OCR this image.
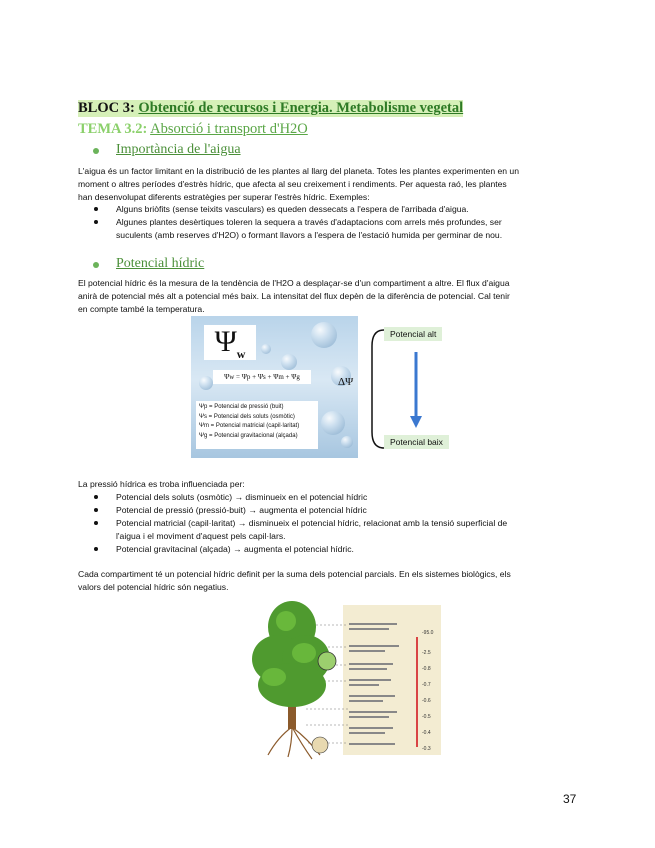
BLOC 3: Obtenció de recursos i Energia. Metabolisme vegetal
TEMA 3.2: Absorció i transport d'H2O
Importància de l'aigua
L'aigua és un factor limitant en la distribució de les plantes al llarg del planeta. Totes les plantes experimenten en un
moment o altres períodes d'estrès hídric, que afecta al seu creixement i rendiments. Per aquesta raó, les plantes
han desenvolupat diferents estratègies per superar l'estrès hídric. Exemples:
Alguns briòfits (sense teixits vasculars) es queden dessecats a l'espera de l'arribada d'aigua.
Algunes plantes desèrtiques toleren la sequera a través d'adaptacions com arrels més profundes, ser
suculents (amb reserves d'H2O) o formant llavors a l'espera de l'estació humida per germinar de nou.
Potencial hídric
El potencial hídric és la mesura de la tendència de l'H2O a desplaçar-se d'un compartiment a altre. El flux d'aigua
anirà de potencial més alt a potencial més baix. La intensitat del flux depèn de la diferència de potencial. Cal tenir
en compte també la temperatura.
$\Psi_w$
Ψw = Ψp + Ψs + Ψm + Ψg
Ψp = Potencial de pressió (buit)
Ψs = Potencial dels soluts (osmòtic)
Ψm = Potencial matricial (capil·laritat)
Ψg = Potencial gravitacional (alçada)
ΔΨ
Potencial alt
Potencial baix
La pressió hídrica es troba influenciada per:
Potencial dels soluts (osmòtic) → disminueix en el potencial hídric
Potencial de pressió (pressió-buit) → augmenta el potencial hídric
Potencial matricial (capil·laritat) → disminueix el potencial hídric, relacionat amb la tensió superficial de
l'aigua i el moviment d'aquest pels capil·lars.
Potencial gravitacinal (alçada) → augmenta el potencial hídric.
Cada compartiment té un potencial hídric definit per la suma dels potencial parcials. En els sistemes biològics, els
valors del potencial hídric són negatius.
-95.0
-2.5
-0.8
-0.7
-0.6
-0.5
-0.4
-0.3
37
